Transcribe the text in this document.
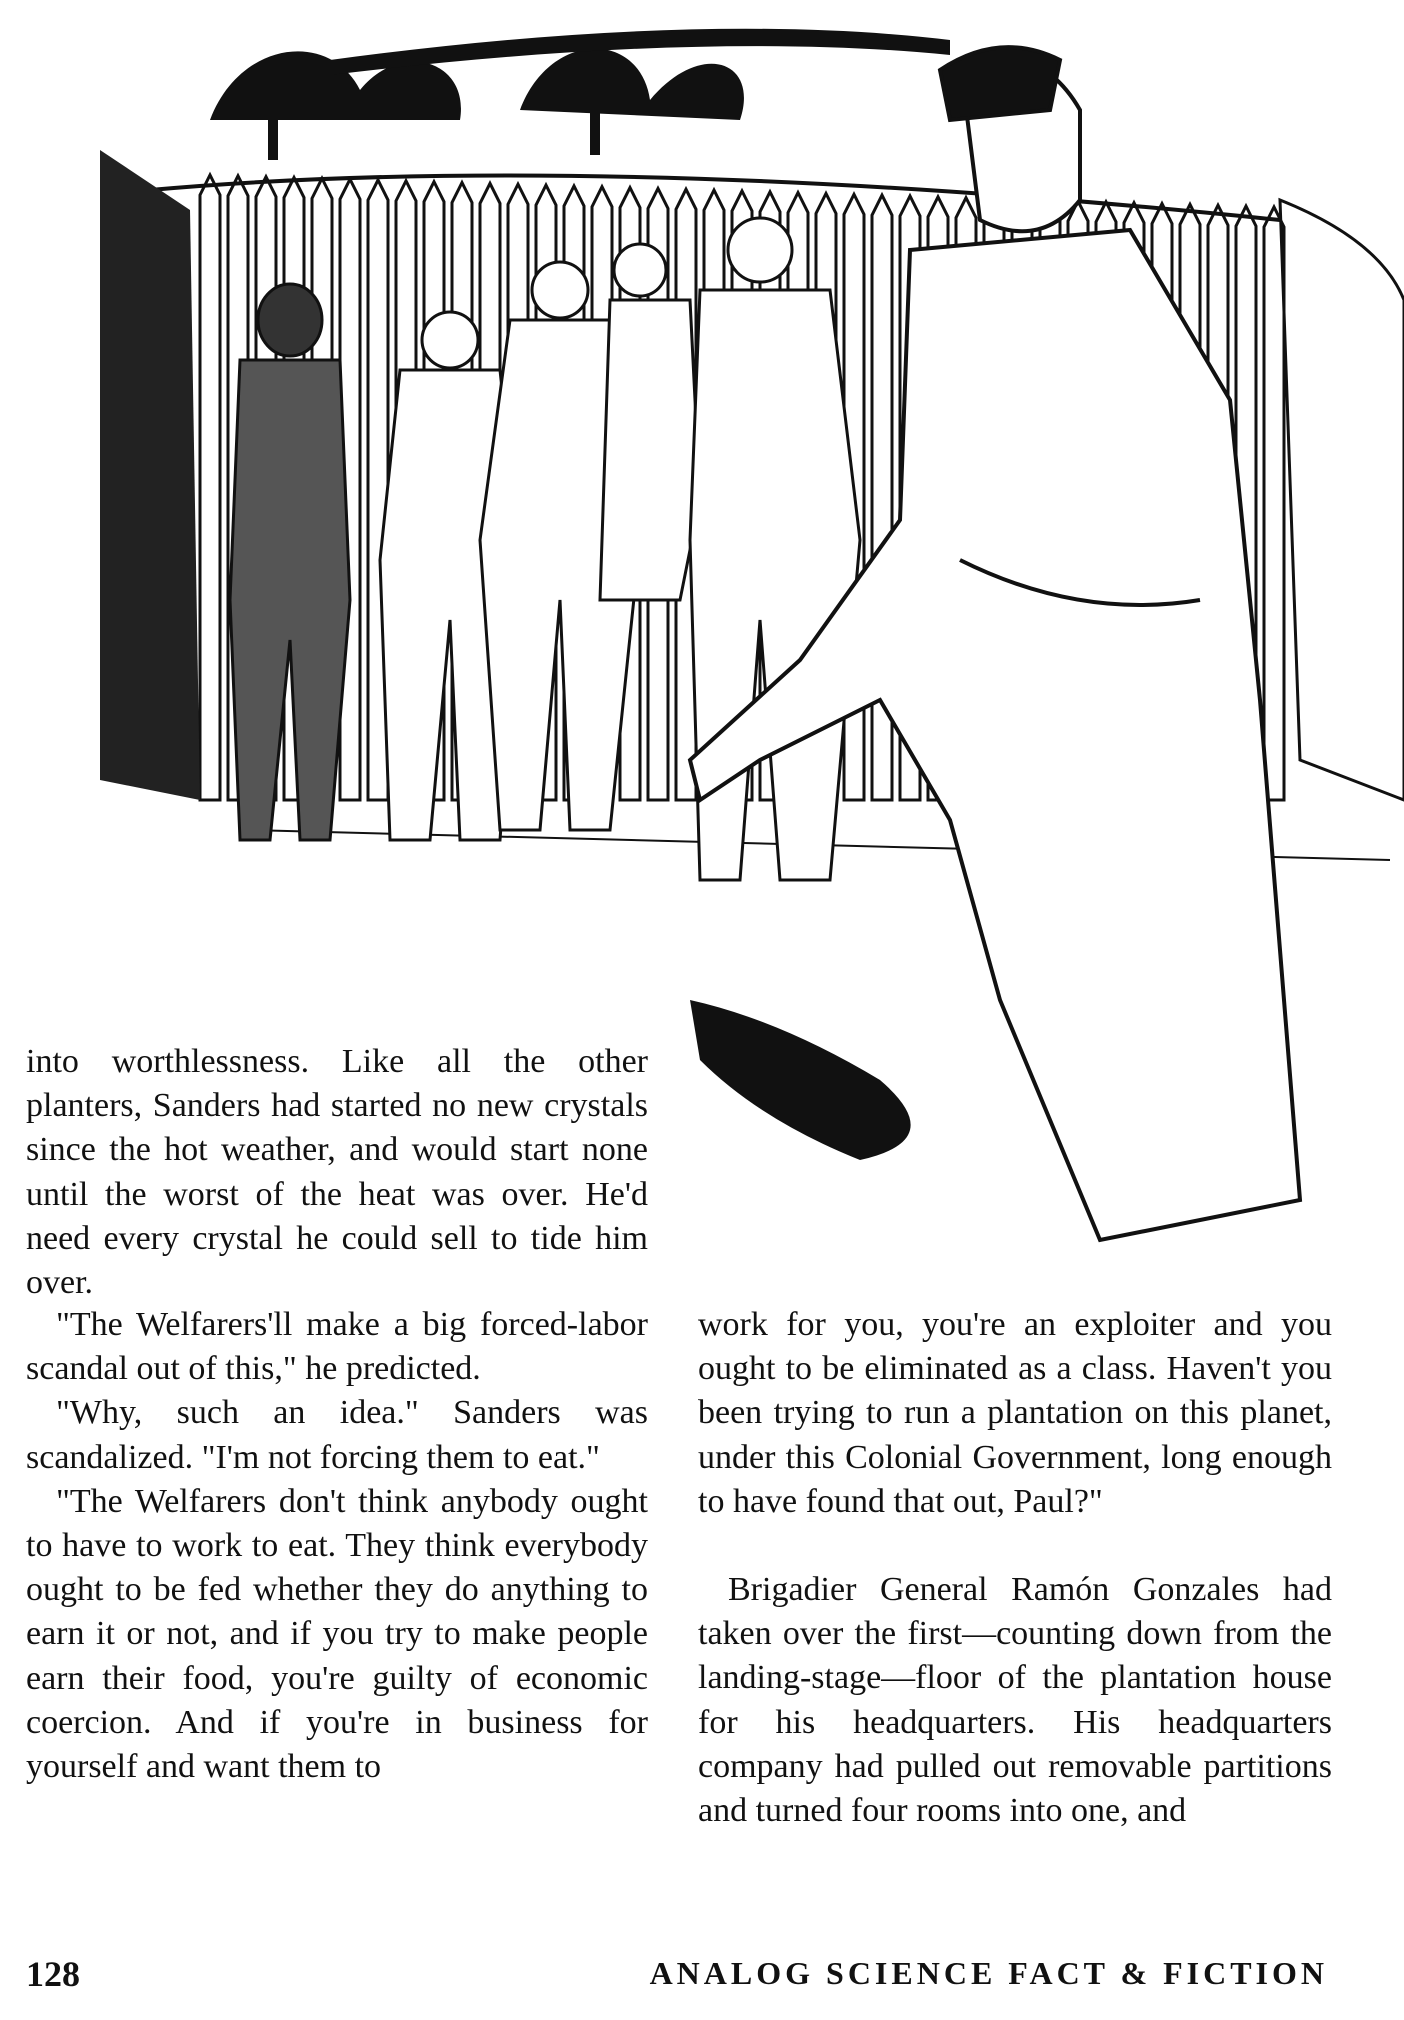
into worthlessness. Like all the other planters, Sanders had started no new crystals since the hot weather, and would start none until the worst of the heat was over. He'd need every crystal he could sell to tide him over.

"The Welfarers'll make a big forced-labor scandal out of this," he predicted.

"Why, such an idea." Sanders was scandalized. "I'm not forcing them to eat."

"The Welfarers don't think anybody ought to have to work to eat. They think everybody ought to be fed whether they do anything to earn it or not, and if you try to make people earn their food, you're guilty of economic coercion. And if you're in business for yourself and want them to

work for you, you're an exploiter and you ought to be eliminated as a class. Haven't you been trying to run a plantation on this planet, under this Colonial Government, long enough to have found that out, Paul?"

Brigadier General Ramón Gonzales had taken over the first—counting down from the landing-stage—floor of the plantation house for his headquarters. His headquarters company had pulled out removable partitions and turned four rooms into one, and

128	ANALOG SCIENCE FACT & FICTION
